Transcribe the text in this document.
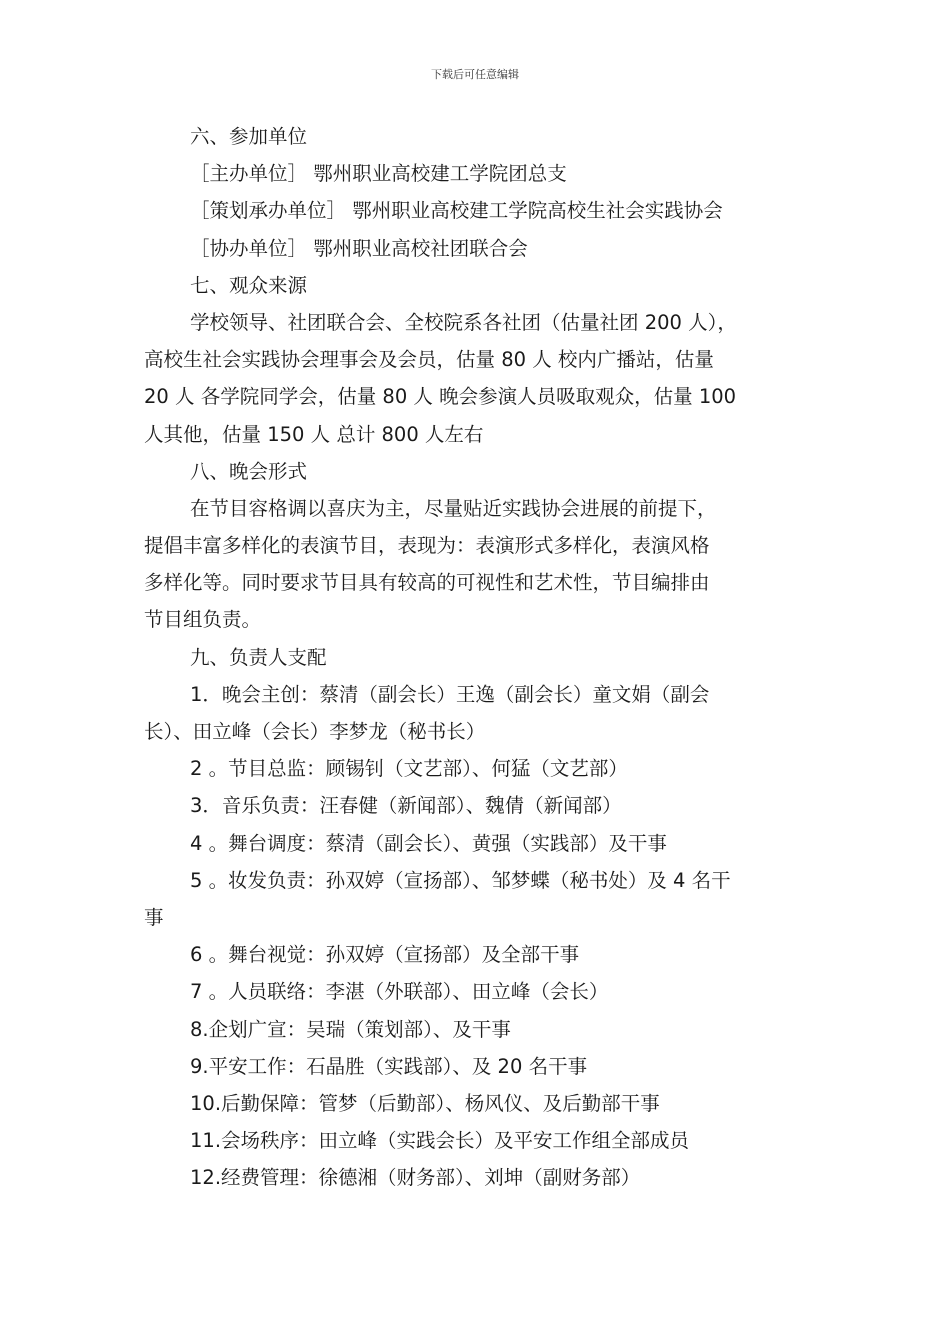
下载后可任意编辑
六、参加单位
［主办单位］ 鄂州职业高校建工学院团总支
［策划承办单位］ 鄂州职业高校建工学院高校生社会实践协会
［协办单位］ 鄂州职业高校社团联合会
七、观众来源
学校领导、社团联合会、全校院系各社团（估量社团 200 人），
高校生社会实践协会理事会及会员，估量 80 人 校内广播站，估量
20 人 各学院同学会，估量 80 人 晚会参演人员吸取观众，估量 100
人其他，估量 150 人 总计 800 人左右
八、晚会形式
在节目容格调以喜庆为主，尽量贴近实践协会进展的前提下，
提倡丰富多样化的表演节目，表现为：表演形式多样化，表演风格
多样化等。同时要求节目具有较高的可视性和艺术性，节目编排由
节目组负责。
九、负责人支配
1．晚会主创：蔡清（副会长）王逸（副会长）童文娟（副会
长）、田立峰（会长）李梦龙（秘书长）
2 。节目总监：顾锡钊（文艺部）、何猛（文艺部）
3．音乐负责：汪春健（新闻部）、魏倩（新闻部）
4 。舞台调度：蔡清（副会长）、黄强（实践部）及干事
5 。妆发负责：孙双婷（宣扬部）、邹梦蝶（秘书处）及 4 名干
事
6 。舞台视觉：孙双婷（宣扬部）及全部干事
7 。人员联络：李湛（外联部）、田立峰（会长）
8.企划广宣：吴瑞（策划部）、及干事
9.平安工作：石晶胜（实践部）、及 20 名干事
10.后勤保障：管梦（后勤部）、杨风仪、及后勤部干事
11.会场秩序：田立峰（实践会长）及平安工作组全部成员
12.经费管理：徐德湘（财务部）、刘坤（副财务部）
